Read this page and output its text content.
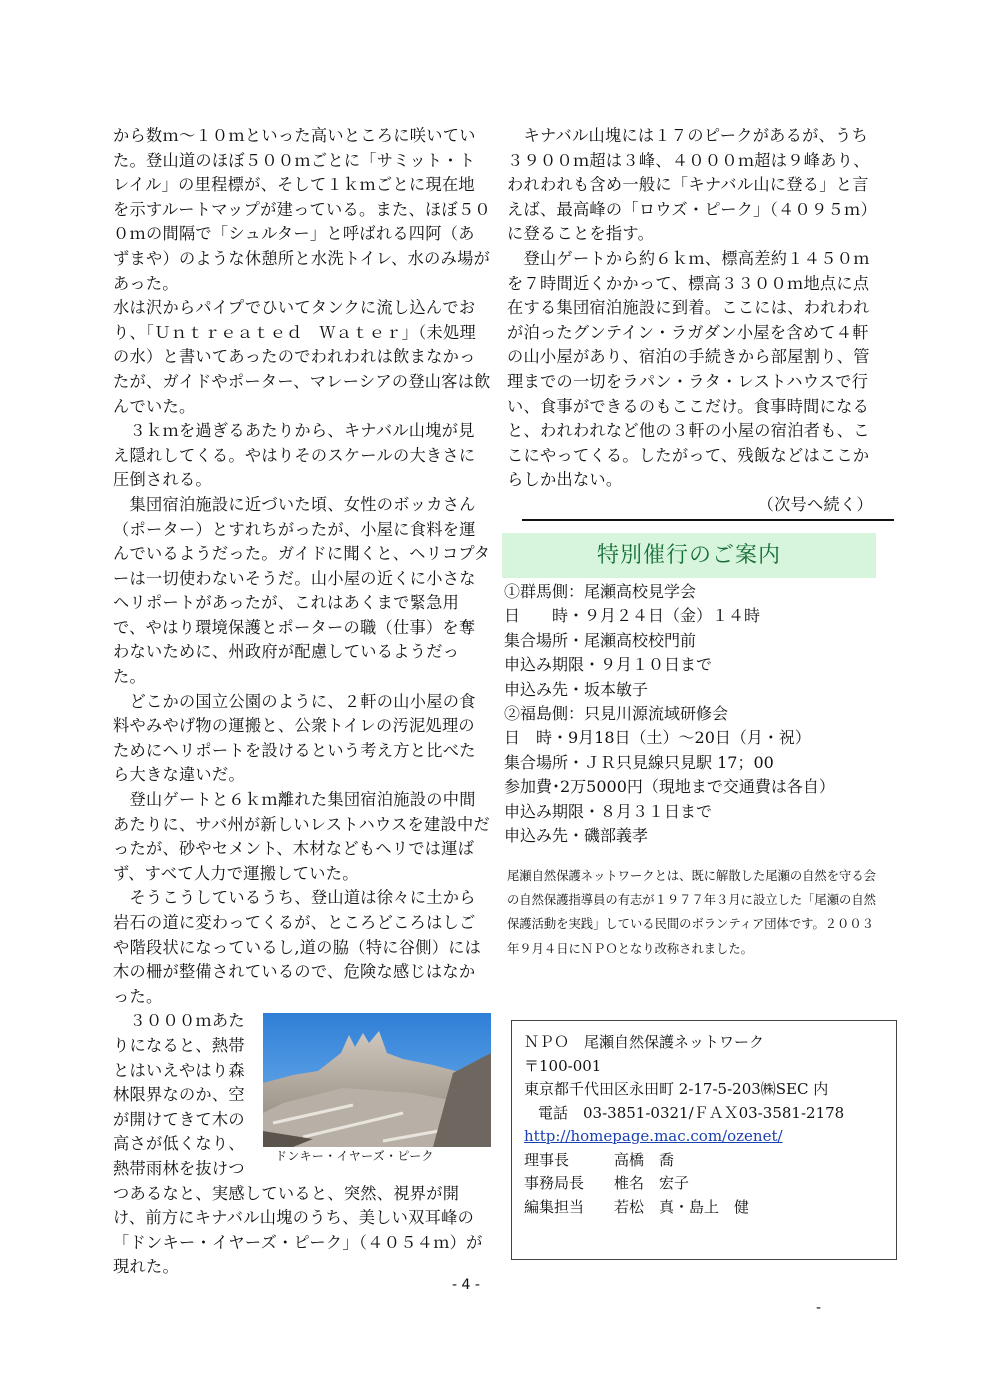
から数ｍ～１０ｍといった高いところに咲いていた。登山道のほぼ５００ｍごとに「サミット・トレイル」の里程標が、そして１ｋｍごとに現在地を示すルートマップが建っている。また、ほぼ５００ｍの間隔で「シュルター」と呼ばれる四阿（あずまや）のような休憩所と水洗トイレ、水のみ場があった。

水は沢からパイプでひいてタンクに流し込んでおり、「Ｕｎｔｒｅａｔｅｄ　Ｗａｔｅｒ」（未処理の水）と書いてあったのでわれわれは飲まなかったが、ガイドやポーター、マレーシアの登山客は飲んでいた。

　３ｋｍを過ぎるあたりから、キナバル山塊が見え隠れしてくる。やはりそのスケールの大きさに圧倒される。

　集団宿泊施設に近づいた頃、女性のボッカさん（ポーター）とすれちがったが、小屋に食料を運んでいるようだった。ガイドに聞くと、ヘリコプターは一切使わないそうだ。山小屋の近くに小さなヘリポートがあったが、これはあくまで緊急用で、やはり環境保護とポーターの職（仕事）を奪わないために、州政府が配慮しているようだった。

　どこかの国立公園のように、２軒の山小屋の食料やみやげ物の運搬と、公衆トイレの汚泥処理のためにヘリポートを設けるという考え方と比べたら大きな違いだ。

　登山ゲートと６ｋｍ離れた集団宿泊施設の中間あたりに、サバ州が新しいレストハウスを建設中だったが、砂やセメント、木材などもヘリでは運ばず、すべて人力で運搬していた。

　そうこうしているうち、登山道は徐々に土から岩石の道に変わってくるが、ところどころはしごや階段状になっているし,道の脇（特に谷側）には木の柵が整備されているので、危険な感じはなかった。

ドンキー・イヤーズ・ピーク

　３０００ｍあたりになると、熱帯とはいえやはり森林限界なのか、空が開けてきて木の高さが低くなり、熱帯雨林を抜けつつあるなと、実感していると、突然、視界が開け、前方にキナバル山塊のうち、美しい双耳峰の「ドンキー・イヤーズ・ピーク」（４０５４ｍ）が現れた。

　キナバル山塊には１７のピークがあるが、うち３９００ｍ超は３峰、４０００ｍ超は９峰あり、われわれも含め一般に「キナバル山に登る」と言えば、最高峰の「ロウズ・ピーク」（４０９５ｍ）に登ることを指す。

　登山ゲートから約６ｋｍ、標高差約１４５０ｍを７時間近くかかって、標高３３００ｍ地点に点在する集団宿泊施設に到着。ここには、われわれが泊ったグンテイン・ラガダン小屋を含めて４軒の山小屋があり、宿泊の手続きから部屋割り、管理までの一切をラパン・ラタ・レストハウスで行い、食事ができるのもここだけ。食事時間になると、われわれなど他の３軒の小屋の宿泊者も、ここにやってくる。したがって、残飯などはここからしか出ない。

（次号へ続く）

特別催行のご案内
①群馬側：尾瀬高校見学会
日　　時・９月２４日（金）１４時
集合場所・尾瀬高校校門前
申込み期限・９月１０日まで
申込み先・坂本敏子
②福島側：只見川源流域研修会
日　時・9月18日（土）～20日（月・祝）
集合場所・ＪＲ只見線只見駅 17；00
参加費･2万5000円（現地まで交通費は各自）
申込み期限・８月３１日まで
申込み先・磯部義孝

尾瀬自然保護ネットワークとは、既に解散した尾瀬の自然を守る会の自然保護指導員の有志が１９７７年３月に設立した「尾瀬の自然保護活動を実践」している民間のボランティア団体です。２００３年９月４日にＮＰＯとなり改称されました。

ＮＰＯ　尾瀬自然保護ネットワーク
〒100-001
東京都千代田区永田町 2-17-5-203㈱SEC 内
電話　03-3851-0321/ＦＡＸ03-3581-2178
http://homepage.mac.com/ozenet/
理事長　　　高橋　喬
事務局長　　椎名　宏子
編集担当　　若松　真・島上　健
- 4 -
-
